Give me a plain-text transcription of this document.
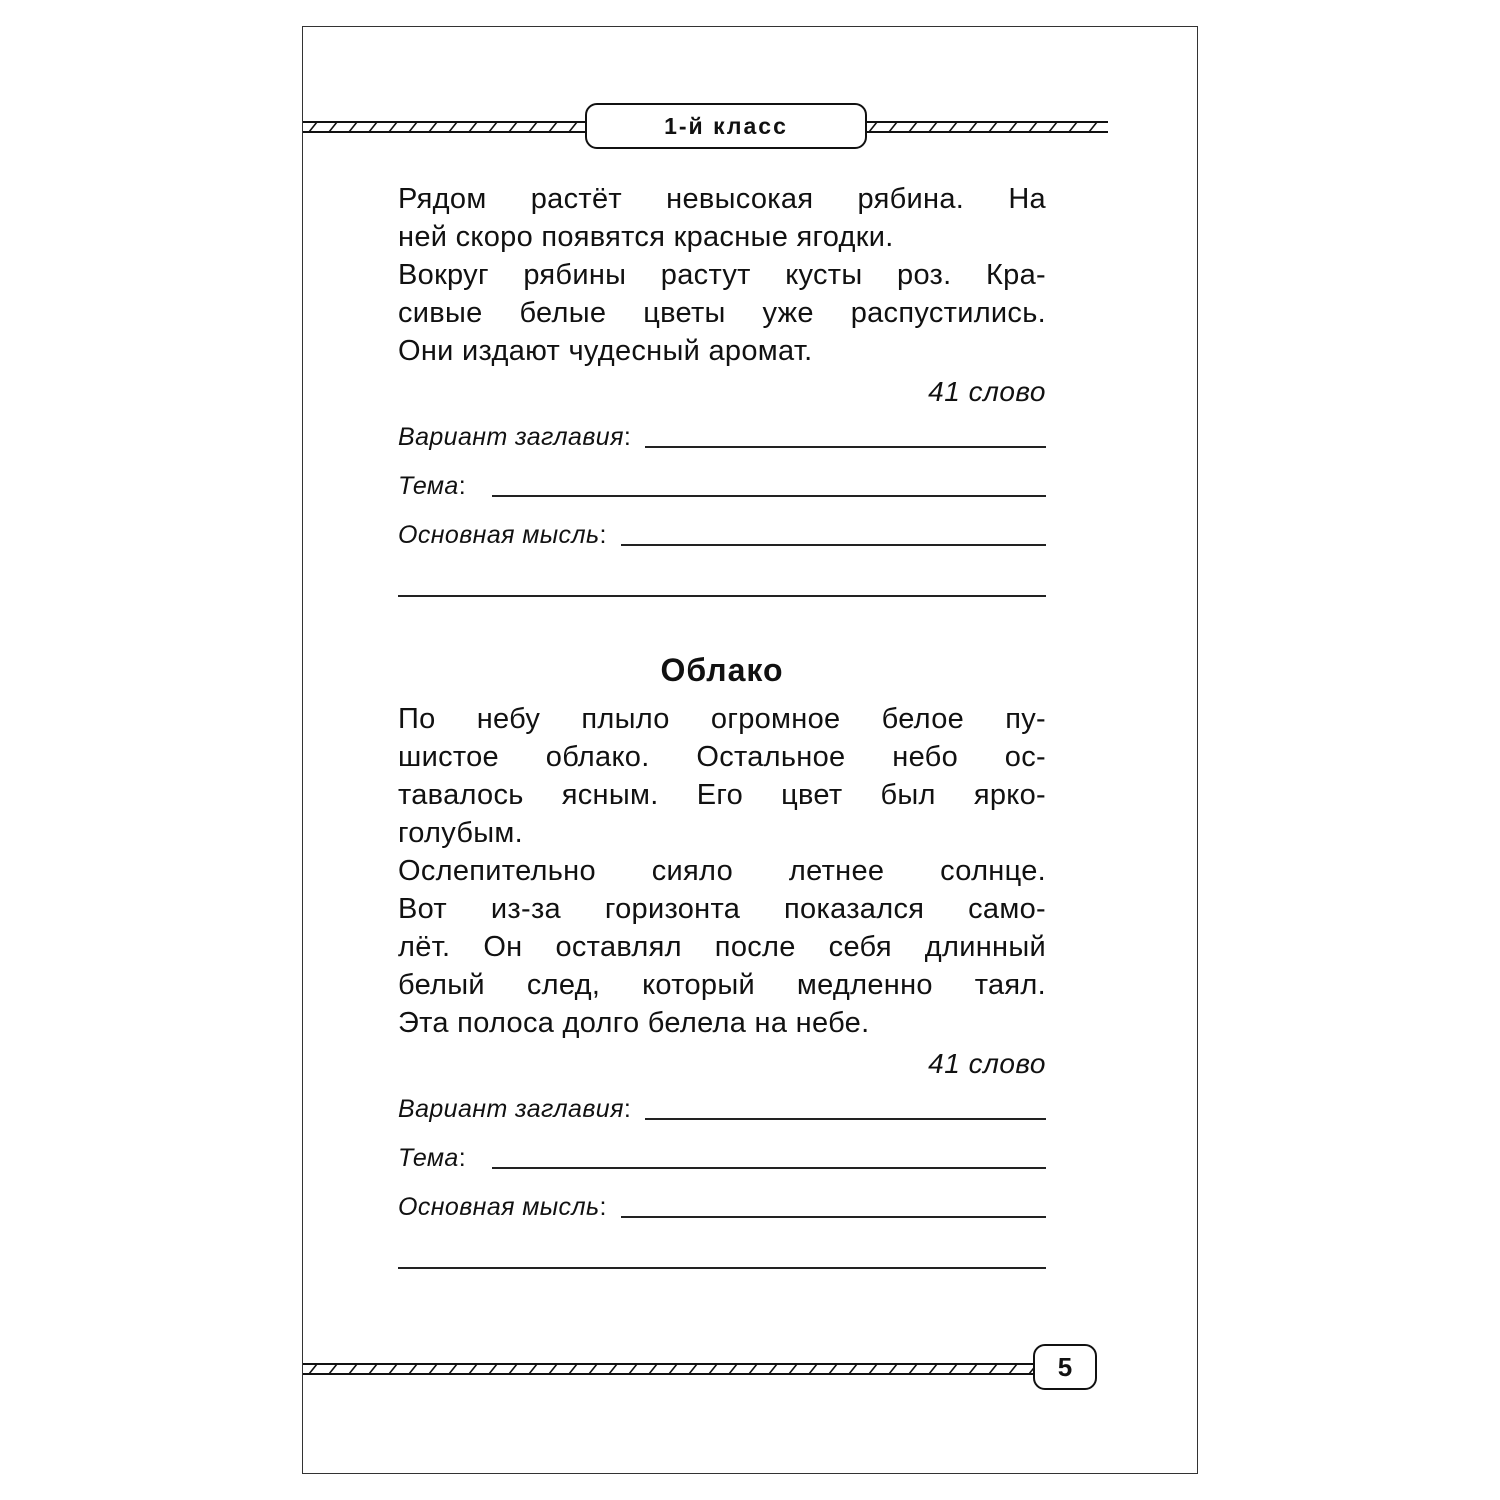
1-й класс
Рядом растёт невысокая рябина. На
ней скоро появятся красные ягодки.
Вокруг рябины растут кусты роз. Кра-
сивые белые цветы уже распустились.
Они издают чудесный аромат.
41 слово
Вариант заглавия :
Тема :
Основная мысль :
Облако
По небу плыло огромное белое пу-
шистое облако. Остальное небо ос-
тавалось ясным. Его цвет был ярко-
голубым.
Ослепительно сияло летнее солнце.
Вот из-за горизонта показался само-
лёт. Он оставлял после себя длинный
белый след, который медленно таял.
Эта полоса долго белела на небе.
41 слово
Вариант заглавия :
Тема :
Основная мысль :
5
